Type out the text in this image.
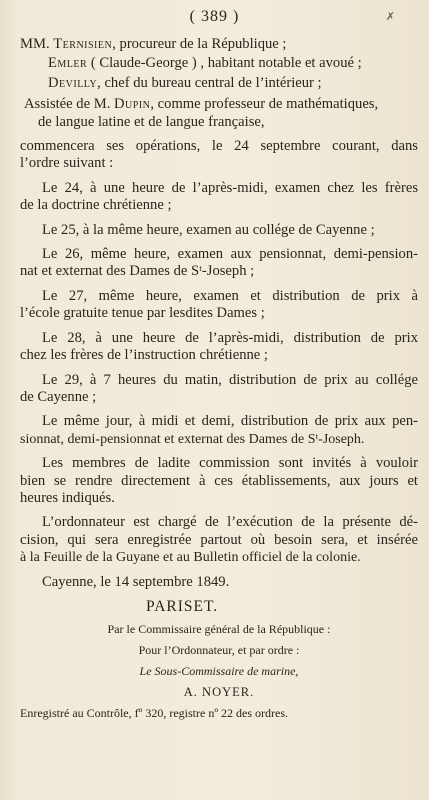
( 389 )	✗
MM. Ternisien, procureur de la République ;
Emler ( Claude-George ) , habitant notable et avoué ;
Devilly, chef du bureau central de l’intérieur ;
Assistée de M. Dupin, comme professeur de mathématiques,
de langue latine et de langue française,
commencera ses opérations, le 24 septembre courant, dans
l’ordre suivant :
Le 24, à une heure de l’après-midi, examen chez les frères
de la doctrine chrétienne ;
Le 25, à la même heure, examen au collége de Cayenne ;
Le 26, même heure, examen aux pensionnat, demi-pension-
nat et externat des Dames de Sᵗ-Joseph ;
Le 27, même heure, examen et distribution de prix à
l’école gratuite tenue par lesdites Dames ;
Le 28, à une heure de l’après-midi, distribution de prix
chez les frères de l’instruction chrétienne ;
Le 29, à 7 heures du matin, distribution de prix au collége
de Cayenne ;
Le même jour, à midi et demi, distribution de prix aux pen-
sionnat, demi-pensionnat et externat des Dames de Sᵗ-Joseph.
Les membres de ladite commission sont invités à vouloir
bien se rendre directement à ces établissements, aux jours et
heures indiqués.
L’ordonnateur est chargé de l’exécution de la présente dé-
cision, qui sera enregistrée partout où besoin sera, et insérée
à la Feuille de la Guyane et au Bulletin officiel de la colonie.
Cayenne, le 14 septembre 1849.
PARISET.
Par le Commissaire général de la République :
Pour l’Ordonnateur, et par ordre :
Le Sous-Commissaire de marine,
A. NOYER.
Enregistré au Contrôle, fº 320, registre nº 22 des ordres.
